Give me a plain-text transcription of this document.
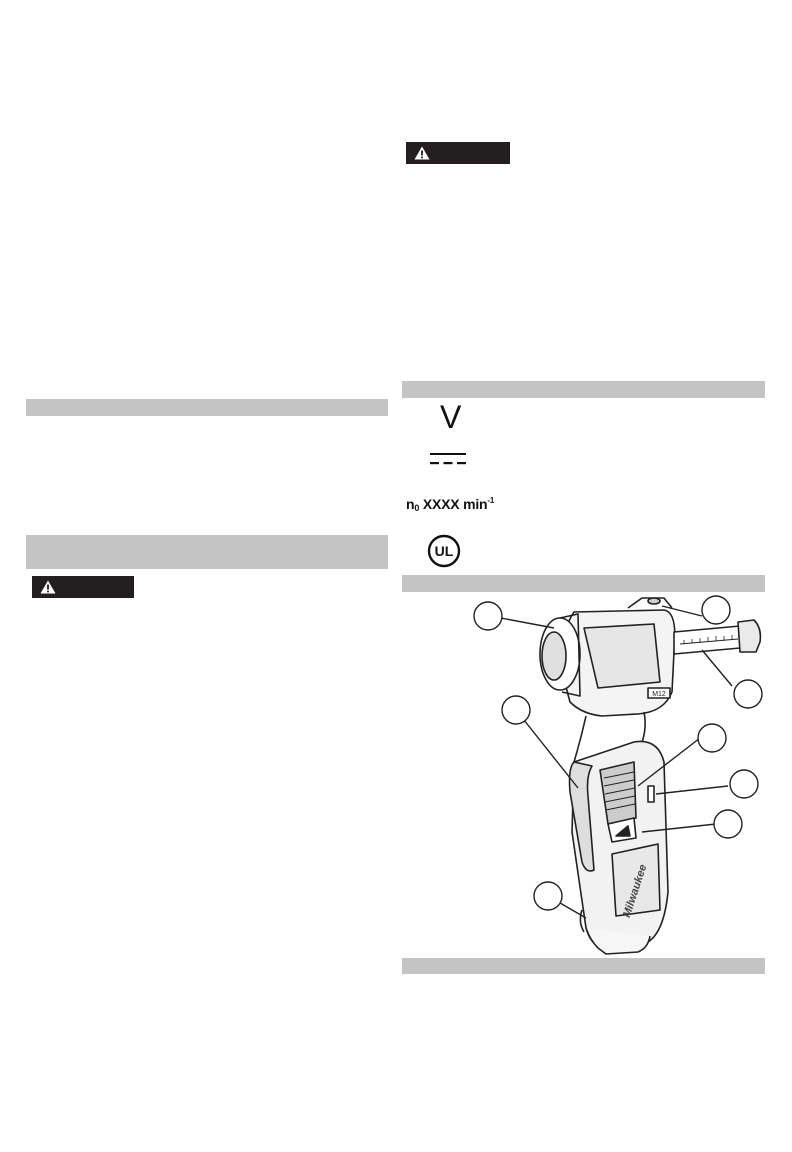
V
$n_0$ XXXX $\min^{-1}$
UL
M12
Milwaukee
